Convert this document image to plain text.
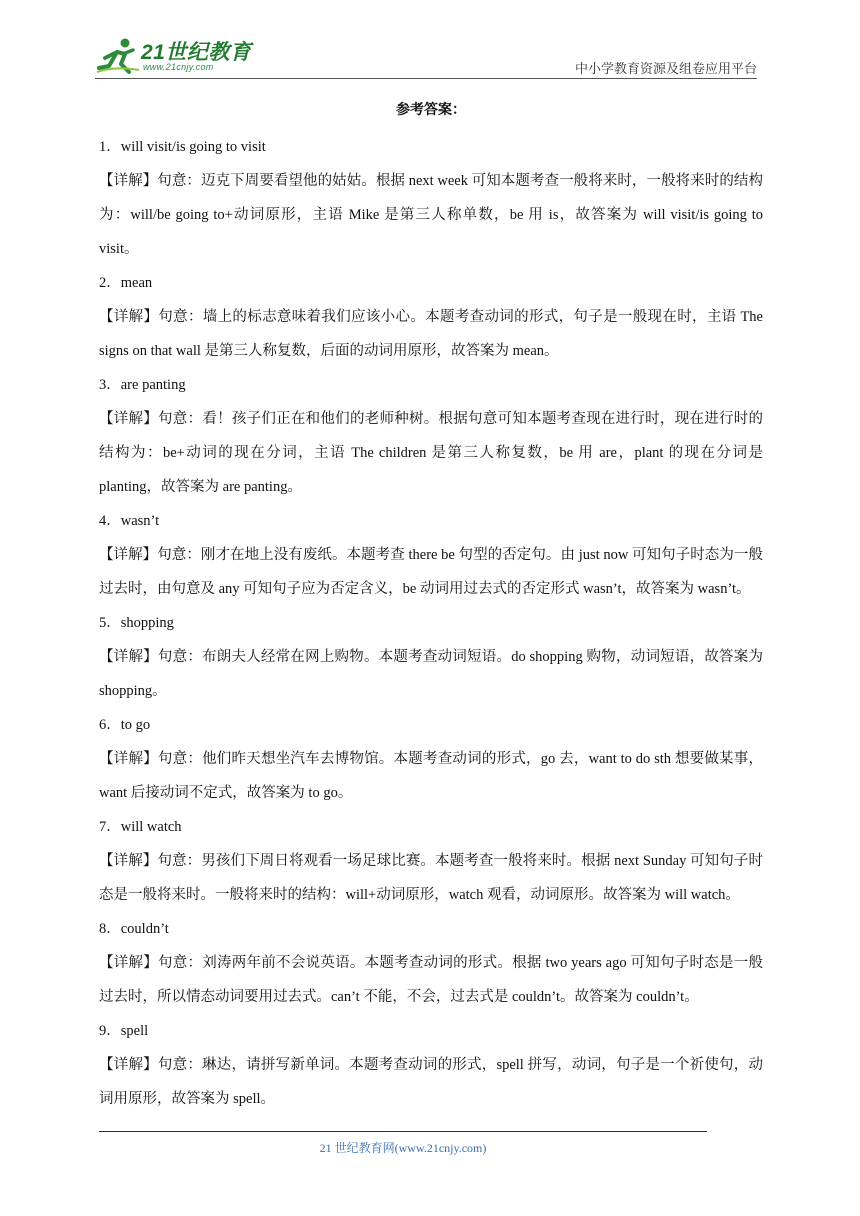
21世纪教育
www.21cnjy.com	中小学教育资源及组卷应用平台

参考答案：

1．will visit/is going to visit

【详解】句意：迈克下周要看望他的姑姑。根据 next week 可知本题考查一般将来时，一般将来时的结构为：will/be going to+动词原形，主语 Mike 是第三人称单数，be 用 is，故答案为 will visit/is going to visit。

2．mean

【详解】句意：墙上的标志意味着我们应该小心。本题考查动词的形式，句子是一般现在时，主语 The signs on that wall 是第三人称复数，后面的动词用原形，故答案为 mean。

3．are panting

【详解】句意：看！孩子们正在和他们的老师种树。根据句意可知本题考查现在进行时，现在进行时的结构为：be+动词的现在分词，主语 The children 是第三人称复数，be 用 are，plant 的现在分词是 planting，故答案为 are panting。

4．wasn’t

【详解】句意：刚才在地上没有废纸。本题考查 there be 句型的否定句。由 just now 可知句子时态为一般过去时，由句意及 any 可知句子应为否定含义，be 动词用过去式的否定形式 wasn’t，故答案为 wasn’t。

5．shopping

【详解】句意：布朗夫人经常在网上购物。本题考查动词短语。do shopping 购物，动词短语，故答案为 shopping。

6．to go

【详解】句意：他们昨天想坐汽车去博物馆。本题考查动词的形式，go 去，want to do sth 想要做某事，want 后接动词不定式，故答案为 to go。

7．will watch

【详解】句意：男孩们下周日将观看一场足球比赛。本题考查一般将来时。根据 next Sunday 可知句子时态是一般将来时。一般将来时的结构：will+动词原形，watch 观看，动词原形。故答案为 will watch。

8．couldn’t

【详解】句意：刘涛两年前不会说英语。本题考查动词的形式。根据 two years ago 可知句子时态是一般过去时，所以情态动词要用过去式。can’t 不能，不会，过去式是 couldn’t。故答案为 couldn’t。

9．spell

【详解】句意：琳达，请拼写新单词。本题考查动词的形式，spell 拼写，动词，句子是一个祈使句，动词用原形，故答案为 spell。

21 世纪教育网(www.21cnjy.com)
